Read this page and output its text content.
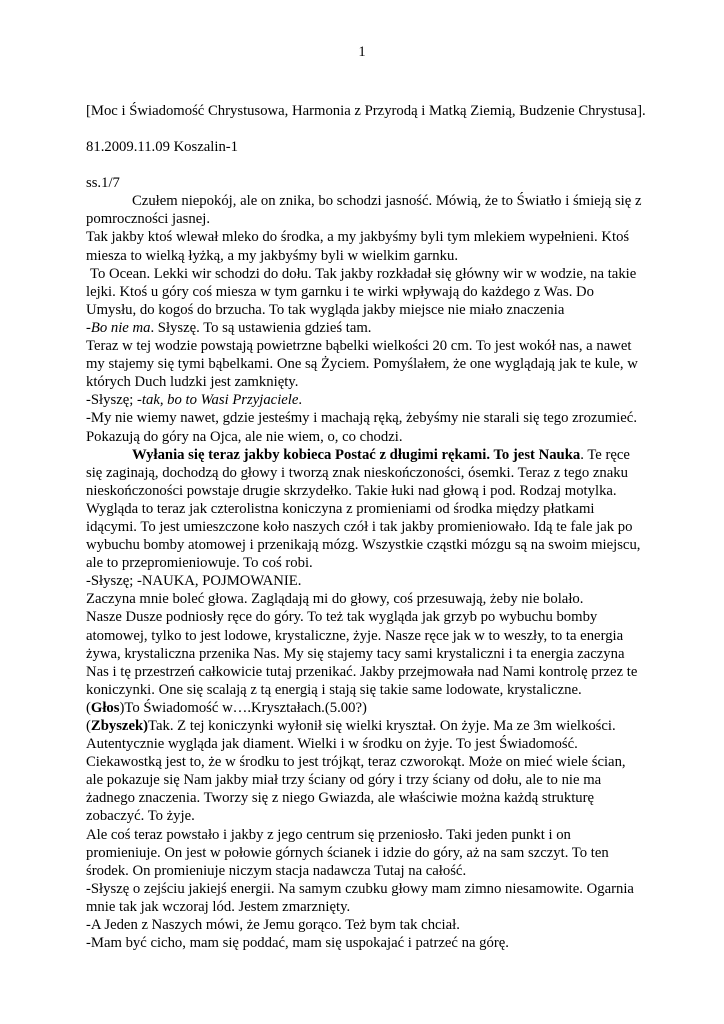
1

[Moc i Świadomość Chrystusowa, Harmonia z Przyrodą i Matką Ziemią, Budzenie Chrystusa].

81.2009.11.09 Koszalin-1

ss.1/7

Czułem niepokój, ale on znika, bo schodzi jasność. Mówią, że to Światło i śmieją się z pomroczności jasnej.

Tak jakby ktoś wlewał mleko do środka, a my jakbyśmy byli tym mlekiem wypełnieni. Ktoś miesza to wielką łyżką, a my jakbyśmy byli w wielkim garnku.

To Ocean. Lekki wir schodzi do dołu. Tak jakby rozkładał się główny wir w wodzie, na takie lejki. Ktoś u góry coś miesza w tym garnku i te wirki wpływają do każdego z Was. Do Umysłu, do kogoś do brzucha. To tak wygląda jakby miejsce nie miało znaczenia

-Bo nie ma. Słyszę. To są ustawienia gdzieś tam.

Teraz w tej wodzie powstają powietrzne bąbelki wielkości 20 cm. To jest wokół nas, a nawet my stajemy się tymi bąbelkami. One są Życiem. Pomyślałem, że one wyglądają jak te kule, w których Duch ludzki jest zamknięty.

-Słyszę; -tak, bo to Wasi Przyjaciele.

-My nie wiemy nawet, gdzie jesteśmy i machają ręką, żebyśmy nie starali się tego zrozumieć. Pokazują do góry na Ojca, ale nie wiem, o, co chodzi.

Wyłania się teraz jakby kobieca Postać z długimi rękami. To jest Nauka. Te ręce się zaginają, dochodzą do głowy i tworzą znak nieskończoności, ósemki. Teraz z tego znaku nieskończoności powstaje drugie skrzydełko. Takie łuki nad głową i pod. Rodzaj motylka. Wygląda to teraz jak czterolistna koniczyna z promieniami od środka między płatkami idącymi. To jest umieszczone koło naszych czół i tak jakby promieniowało. Idą te fale jak po wybuchu bomby atomowej i przenikają mózg. Wszystkie cząstki mózgu są na swoim miejscu, ale to przepromieniowuje. To coś robi.

-Słyszę; -NAUKA, POJMOWANIE.

Zaczyna mnie boleć głowa. Zaglądają mi do głowy, coś przesuwają, żeby nie bolało.

Nasze Dusze podniosły ręce do góry. To też tak wygląda jak grzyb po wybuchu bomby atomowej, tylko to jest lodowe, krystaliczne, żyje. Nasze ręce jak w to weszły, to ta energia żywa, krystaliczna przenika Nas. My się stajemy tacy sami krystaliczni i ta energia zaczyna Nas i tę przestrzeń całkowicie tutaj przenikać. Jakby przejmowała nad Nami kontrolę przez te koniczynki. One się scalają z tą energią i stają się takie same lodowate, krystaliczne.

(Głos)To Świadomość w….Kryształach.(5.00?)

(Zbyszek)Tak. Z tej koniczynki wyłonił się wielki kryształ. On żyje. Ma ze 3m wielkości. Autentycznie wygląda jak diament. Wielki i w środku on żyje. To jest Świadomość. Ciekawostką jest to, że w środku to jest trójkąt, teraz czworokąt. Może on mieć wiele ścian, ale pokazuje się Nam jakby miał trzy ściany od góry i trzy ściany od dołu, ale to nie ma żadnego znaczenia. Tworzy się z niego Gwiazda, ale właściwie można każdą strukturę zobaczyć. To żyje.

Ale coś teraz powstało i jakby z jego centrum się przeniosło. Taki jeden punkt i on promieniuje. On jest w połowie górnych ścianek i idzie do góry, aż na sam szczyt. To ten środek. On promieniuje niczym stacja nadawcza Tutaj na całość.

-Słyszę o zejściu jakiejś energii. Na samym czubku głowy mam zimno niesamowite. Ogarnia mnie tak jak wczoraj lód. Jestem zmarznięty.

-A Jeden z Naszych mówi, że Jemu gorąco. Też bym tak chciał.

-Mam być cicho, mam się poddać, mam się uspokajać i patrzeć na górę.
